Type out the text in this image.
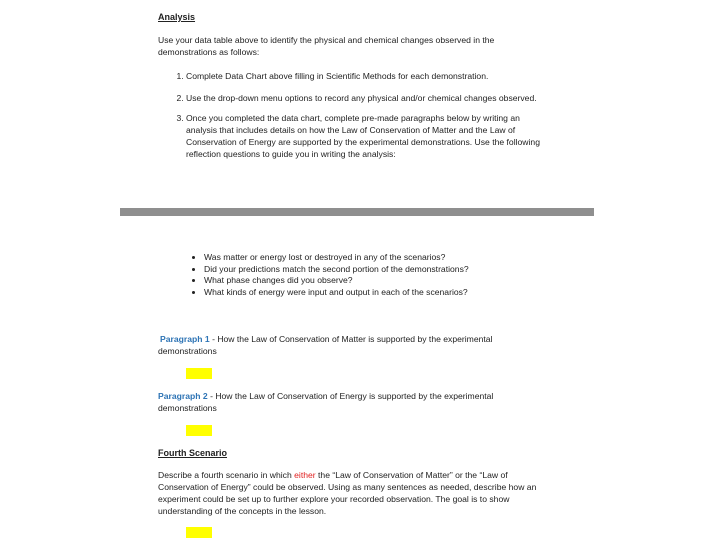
Analysis
Use your data table above to identify the physical and chemical changes observed in the
demonstrations as follows:
1. Complete Data Chart above filling in Scientific Methods for each demonstration.
2. Use the drop-down menu options to record any physical and/or chemical changes observed.
3. Once you completed the data chart, complete pre-made paragraphs below by writing an
analysis that includes details on how the Law of Conservation of Matter and the Law of
Conservation of Energy are supported by the experimental demonstrations. Use the following
reflection questions to guide you in writing the analysis:
• Was matter or energy lost or destroyed in any of the scenarios?
• Did your predictions match the second portion of the demonstrations?
• What phase changes did you observe?
• What kinds of energy were input and output in each of the scenarios?
Paragraph 1 - How the Law of Conservation of Matter is supported by the experimental
demonstrations
Paragraph 2 - How the Law of Conservation of Energy is supported by the experimental
demonstrations
Fourth Scenario
Describe a fourth scenario in which either the “Law of Conservation of Matter” or the “Law of
Conservation of Energy” could be observed. Using as many sentences as needed, describe how an
experiment could be set up to further explore your recorded observation. The goal is to show
understanding of the concepts in the lesson.
